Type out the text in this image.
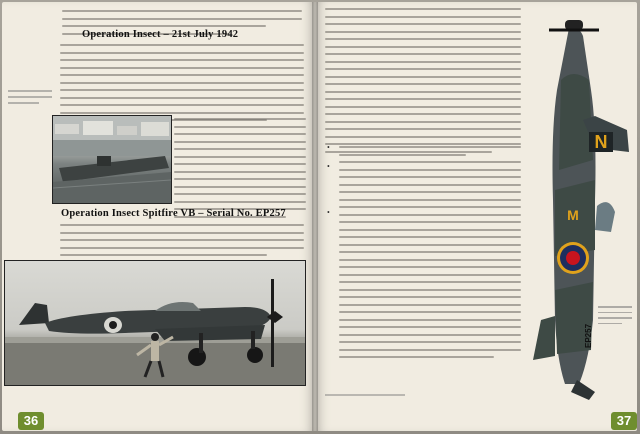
Operation Insect – 21st July 1942
Operation Insect Spitfire VB – Serial No. EP257
36
•
•
•
N
M
EP257
37
